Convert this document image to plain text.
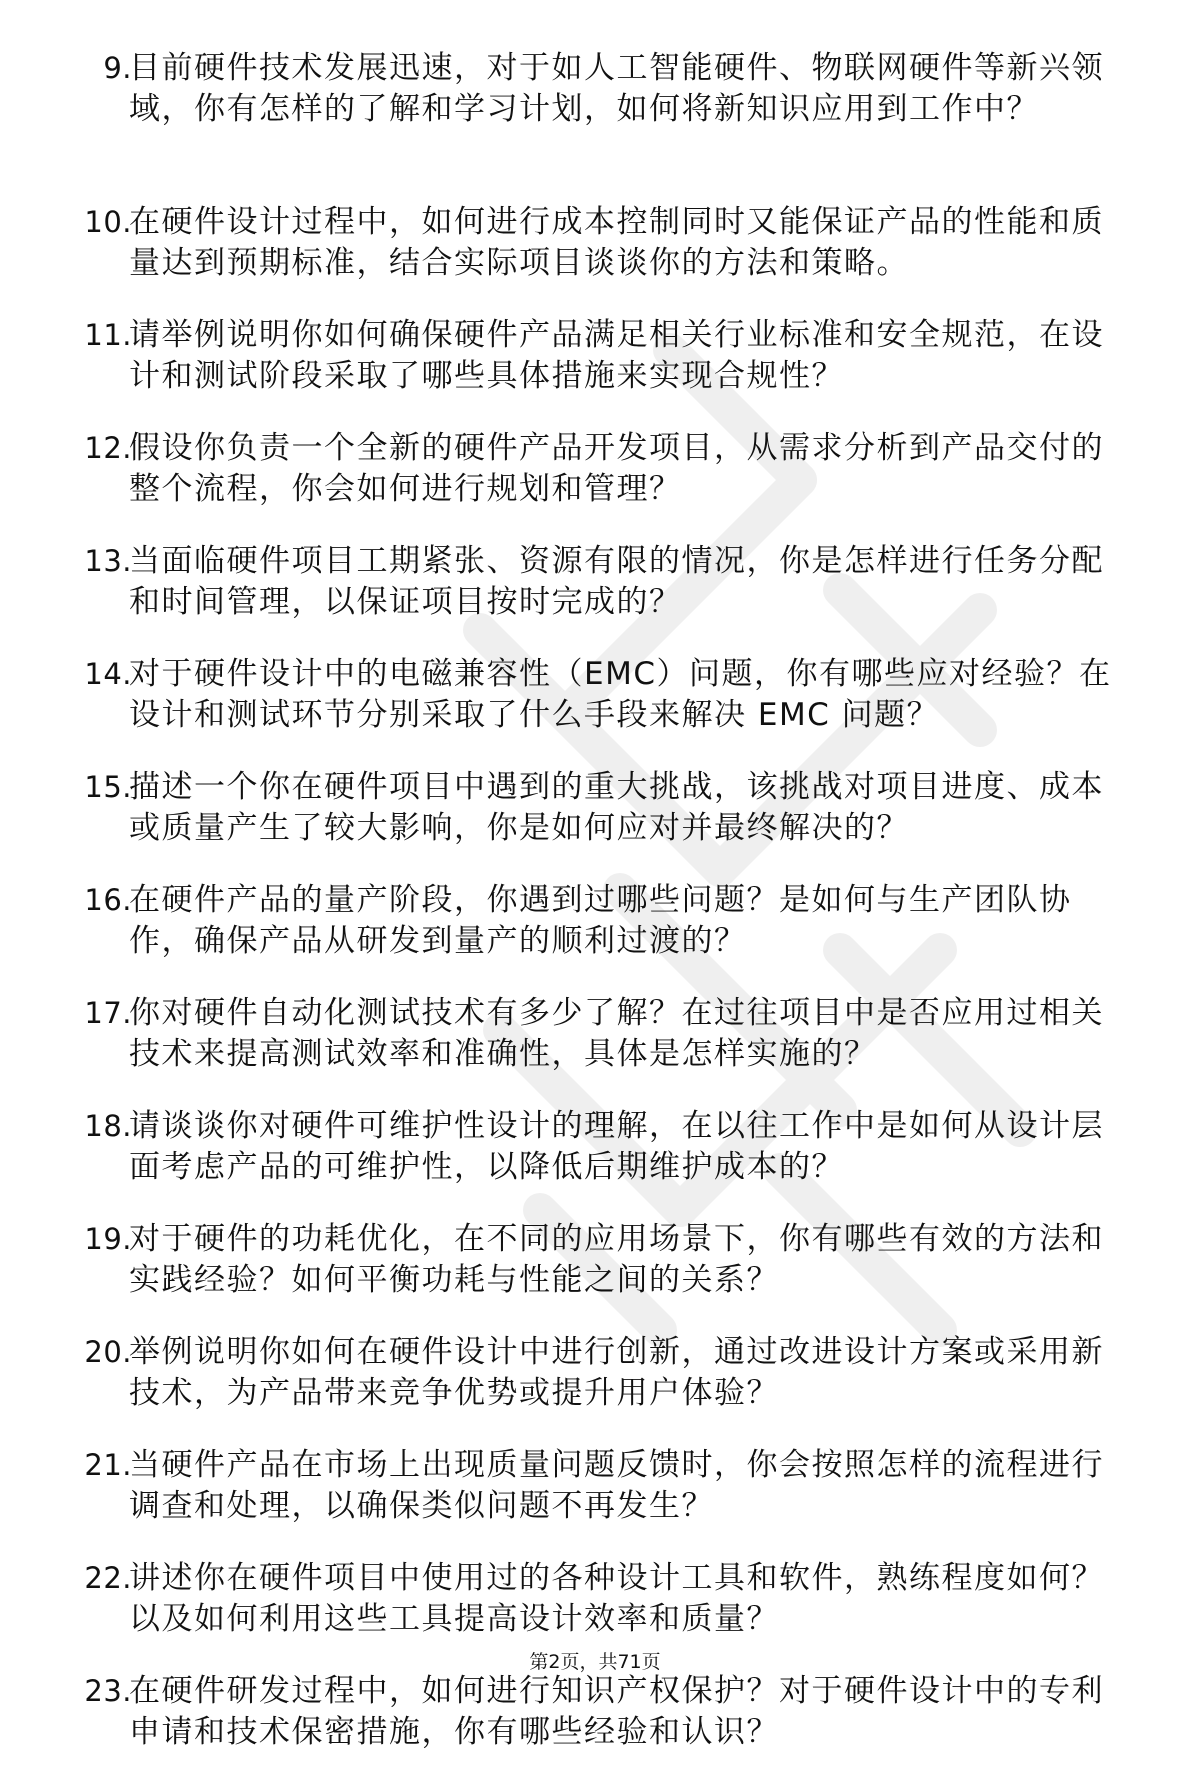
9.
目前硬件技术发展迅速，对于如人工智能硬件、物联网硬件等新兴领域，你有怎样的了解和学习计划，如何将新知识应用到工作中？
10.
在硬件设计过程中，如何进行成本控制同时又能保证产品的性能和质量达到预期标准，结合实际项目谈谈你的方法和策略。
11.
请举例说明你如何确保硬件产品满足相关行业标准和安全规范，在设计和测试阶段采取了哪些具体措施来实现合规性？
12.
假设你负责一个全新的硬件产品开发项目，从需求分析到产品交付的整个流程，你会如何进行规划和管理？
13.
当面临硬件项目工期紧张、资源有限的情况，你是怎样进行任务分配和时间管理，以保证项目按时完成的？
14.
对于硬件设计中的电磁兼容性（EMC）问题，你有哪些应对经验？在设计和测试环节分别采取了什么手段来解决 EMC 问题？
15.
描述一个你在硬件项目中遇到的重大挑战，该挑战对项目进度、成本或质量产生了较大影响，你是如何应对并最终解决的？
16.
在硬件产品的量产阶段，你遇到过哪些问题？是如何与生产团队协作，确保产品从研发到量产的顺利过渡的？
17.
你对硬件自动化测试技术有多少了解？在过往项目中是否应用过相关技术来提高测试效率和准确性，具体是怎样实施的？
18.
请谈谈你对硬件可维护性设计的理解，在以往工作中是如何从设计层面考虑产品的可维护性，以降低后期维护成本的？
19.
对于硬件的功耗优化，在不同的应用场景下，你有哪些有效的方法和实践经验？如何平衡功耗与性能之间的关系？
20.
举例说明你如何在硬件设计中进行创新，通过改进设计方案或采用新技术，为产品带来竞争优势或提升用户体验？
21.
当硬件产品在市场上出现质量问题反馈时，你会按照怎样的流程进行调查和处理，以确保类似问题不再发生？
22.
讲述你在硬件项目中使用过的各种设计工具和软件，熟练程度如何？以及如何利用这些工具提高设计效率和质量？
23.
在硬件研发过程中，如何进行知识产权保护？对于硬件设计中的专利申请和技术保密措施，你有哪些经验和认识？
第2页，共71页
